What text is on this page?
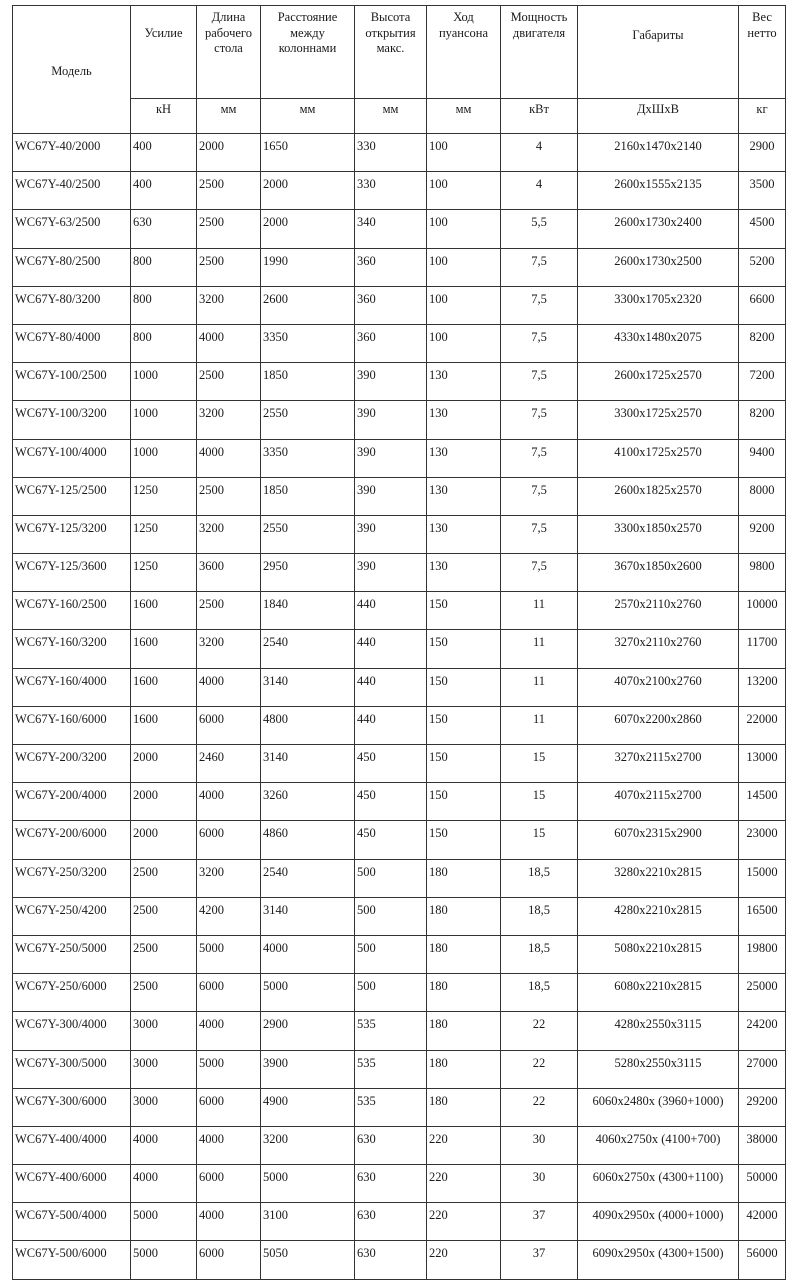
Модель	Усилие	Длина рабочего стола	Расстояние между колоннами	Высота открытия макс.	Ход пуансона	Мощность двигателя	Габариты	Вес нетто
	кН	мм	мм	мм	мм	кВт	ДхШхВ	кг
WC67Y-40/2000	400	2000	1650	330	100	4	2160x1470x2140	2900
WC67Y-40/2500	400	2500	2000	330	100	4	2600x1555x2135	3500
WC67Y-63/2500	630	2500	2000	340	100	5,5	2600x1730x2400	4500
WC67Y-80/2500	800	2500	1990	360	100	7,5	2600x1730x2500	5200
WC67Y-80/3200	800	3200	2600	360	100	7,5	3300x1705x2320	6600
WC67Y-80/4000	800	4000	3350	360	100	7,5	4330x1480x2075	8200
WC67Y-100/2500	1000	2500	1850	390	130	7,5	2600x1725x2570	7200
WC67Y-100/3200	1000	3200	2550	390	130	7,5	3300x1725x2570	8200
WC67Y-100/4000	1000	4000	3350	390	130	7,5	4100x1725x2570	9400
WC67Y-125/2500	1250	2500	1850	390	130	7,5	2600x1825x2570	8000
WC67Y-125/3200	1250	3200	2550	390	130	7,5	3300x1850x2570	9200
WC67Y-125/3600	1250	3600	2950	390	130	7,5	3670x1850x2600	9800
WC67Y-160/2500	1600	2500	1840	440	150	11	2570x2110x2760	10000
WC67Y-160/3200	1600	3200	2540	440	150	11	3270x2110x2760	11700
WC67Y-160/4000	1600	4000	3140	440	150	11	4070x2100x2760	13200
WC67Y-160/6000	1600	6000	4800	440	150	11	6070x2200x2860	22000
WC67Y-200/3200	2000	2460	3140	450	150	15	3270x2115x2700	13000
WC67Y-200/4000	2000	4000	3260	450	150	15	4070x2115x2700	14500
WC67Y-200/6000	2000	6000	4860	450	150	15	6070x2315x2900	23000
WC67Y-250/3200	2500	3200	2540	500	180	18,5	3280x2210x2815	15000
WC67Y-250/4200	2500	4200	3140	500	180	18,5	4280x2210x2815	16500
WC67Y-250/5000	2500	5000	4000	500	180	18,5	5080x2210x2815	19800
WC67Y-250/6000	2500	6000	5000	500	180	18,5	6080x2210x2815	25000
WC67Y-300/4000	3000	4000	2900	535	180	22	4280x2550x3115	24200
WC67Y-300/5000	3000	5000	3900	535	180	22	5280x2550x3115	27000
WC67Y-300/6000	3000	6000	4900	535	180	22	6060x2480x (3960+1000)	29200
WC67Y-400/4000	4000	4000	3200	630	220	30	4060x2750x (4100+700)	38000
WC67Y-400/6000	4000	6000	5000	630	220	30	6060x2750x (4300+1100)	50000
WC67Y-500/4000	5000	4000	3100	630	220	37	4090x2950x (4000+1000)	42000
WC67Y-500/6000	5000	6000	5050	630	220	37	6090x2950x (4300+1500)	56000
